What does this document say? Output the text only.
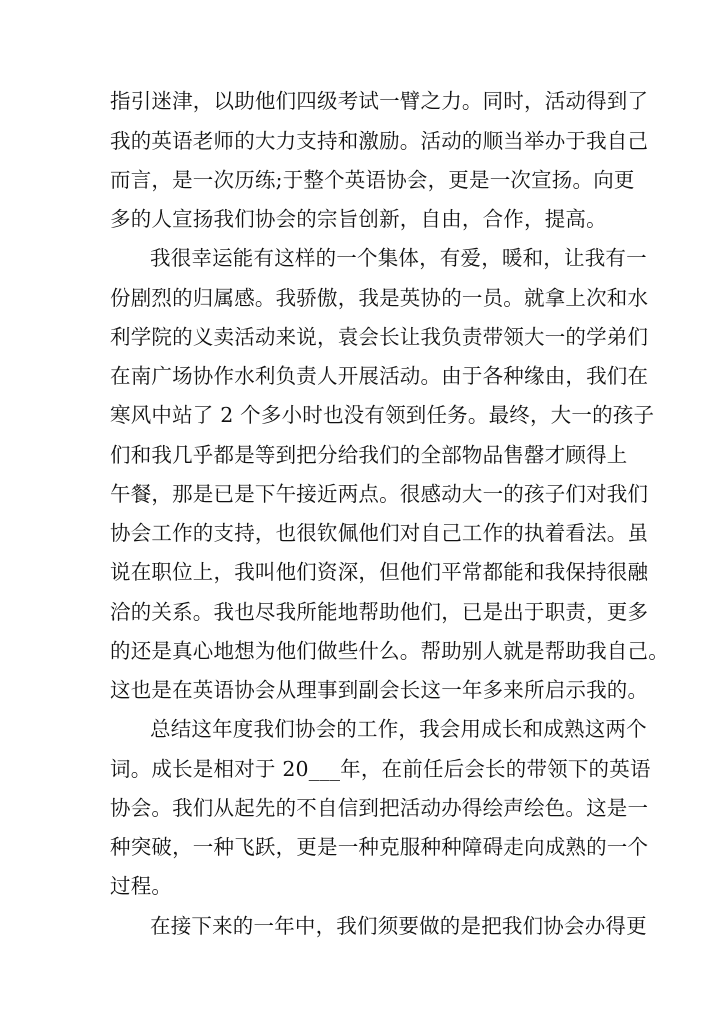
指引迷津，以助他们四级考试一臂之力。同时，活动得到了
我的英语老师的大力支持和激励。活动的顺当举办于我自己
而言，是一次历练;于整个英语协会，更是一次宣扬。向更
多的人宣扬我们协会的宗旨创新，自由，合作，提高。
我很幸运能有这样的一个集体，有爱，暖和，让我有一
份剧烈的归属感。我骄傲，我是英协的一员。就拿上次和水
利学院的义卖活动来说，袁会长让我负责带领大一的学弟们
在南广场协作水利负责人开展活动。由于各种缘由，我们在
寒风中站了 2 个多小时也没有领到任务。最终，大一的孩子
们和我几乎都是等到把分给我们的全部物品售罄才顾得上
午餐，那是已是下午接近两点。很感动大一的孩子们对我们
协会工作的支持，也很钦佩他们对自己工作的执着看法。虽
说在职位上，我叫他们资深，但他们平常都能和我保持很融
洽的关系。我也尽我所能地帮助他们，已是出于职责，更多
的还是真心地想为他们做些什么。帮助别人就是帮助我自己。
这也是在英语协会从理事到副会长这一年多来所启示我的。
总结这年度我们协会的工作，我会用成长和成熟这两个
词。成长是相对于 20___年，在前任后会长的带领下的英语
协会。我们从起先的不自信到把活动办得绘声绘色。这是一
种突破，一种飞跃，更是一种克服种种障碍走向成熟的一个
过程。
在接下来的一年中，我们须要做的是把我们协会办得更
